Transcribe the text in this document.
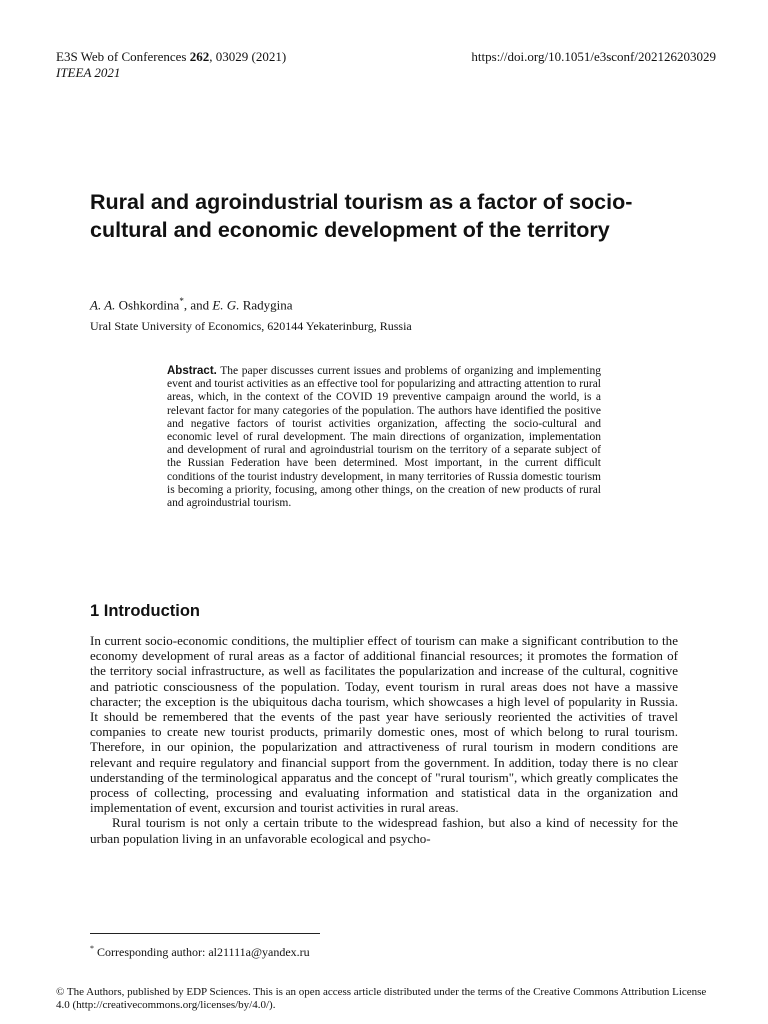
E3S Web of Conferences 262, 03029 (2021)
ITEEA 2021
https://doi.org/10.1051/e3sconf/202126203029
Rural and agroindustrial tourism as a factor of socio-cultural and economic development of the territory
A. A. Oshkordina*, and E. G. Radygina
Ural State University of Economics, 620144 Yekaterinburg, Russia

Abstract. The paper discusses current issues and problems of organizing and implementing event and tourist activities as an effective tool for popularizing and attracting attention to rural areas, which, in the context of the COVID 19 preventive campaign around the world, is a relevant factor for many categories of the population. The authors have identified the positive and negative factors of tourist activities organization, affecting the socio-cultural and economic level of rural development. The main directions of organization, implementation and development of rural and agroindustrial tourism on the territory of a separate subject of the Russian Federation have been determined. Most important, in the current difficult conditions of the tourist industry development, in many territories of Russia domestic tourism is becoming a priority, focusing, among other things, on the creation of new products of rural and agroindustrial tourism.

1 Introduction

In current socio-economic conditions, the multiplier effect of tourism can make a significant contribution to the economy development of rural areas as a factor of additional financial resources; it promotes the formation of the territory social infrastructure, as well as facilitates the popularization and increase of the cultural, cognitive and patriotic consciousness of the population. Today, event tourism in rural areas does not have a massive character; the exception is the ubiquitous dacha tourism, which showcases a high level of popularity in Russia. It should be remembered that the events of the past year have seriously reoriented the activities of travel companies to create new tourist products, primarily domestic ones, most of which belong to rural tourism. Therefore, in our opinion, the popularization and attractiveness of rural tourism in modern conditions are relevant and require regulatory and financial support from the government. In addition, today there is no clear understanding of the terminological apparatus and the concept of "rural tourism", which greatly complicates the process of collecting, processing and evaluating information and statistical data in the organization and implementation of event, excursion and tourist activities in rural areas.

Rural tourism is not only a certain tribute to the widespread fashion, but also a kind of necessity for the urban population living in an unfavorable ecological and psycho-

* Corresponding author: al21111a@yandex.ru
© The Authors, published by EDP Sciences. This is an open access article distributed under the terms of the Creative Commons Attribution License 4.0 (http://creativecommons.org/licenses/by/4.0/).
